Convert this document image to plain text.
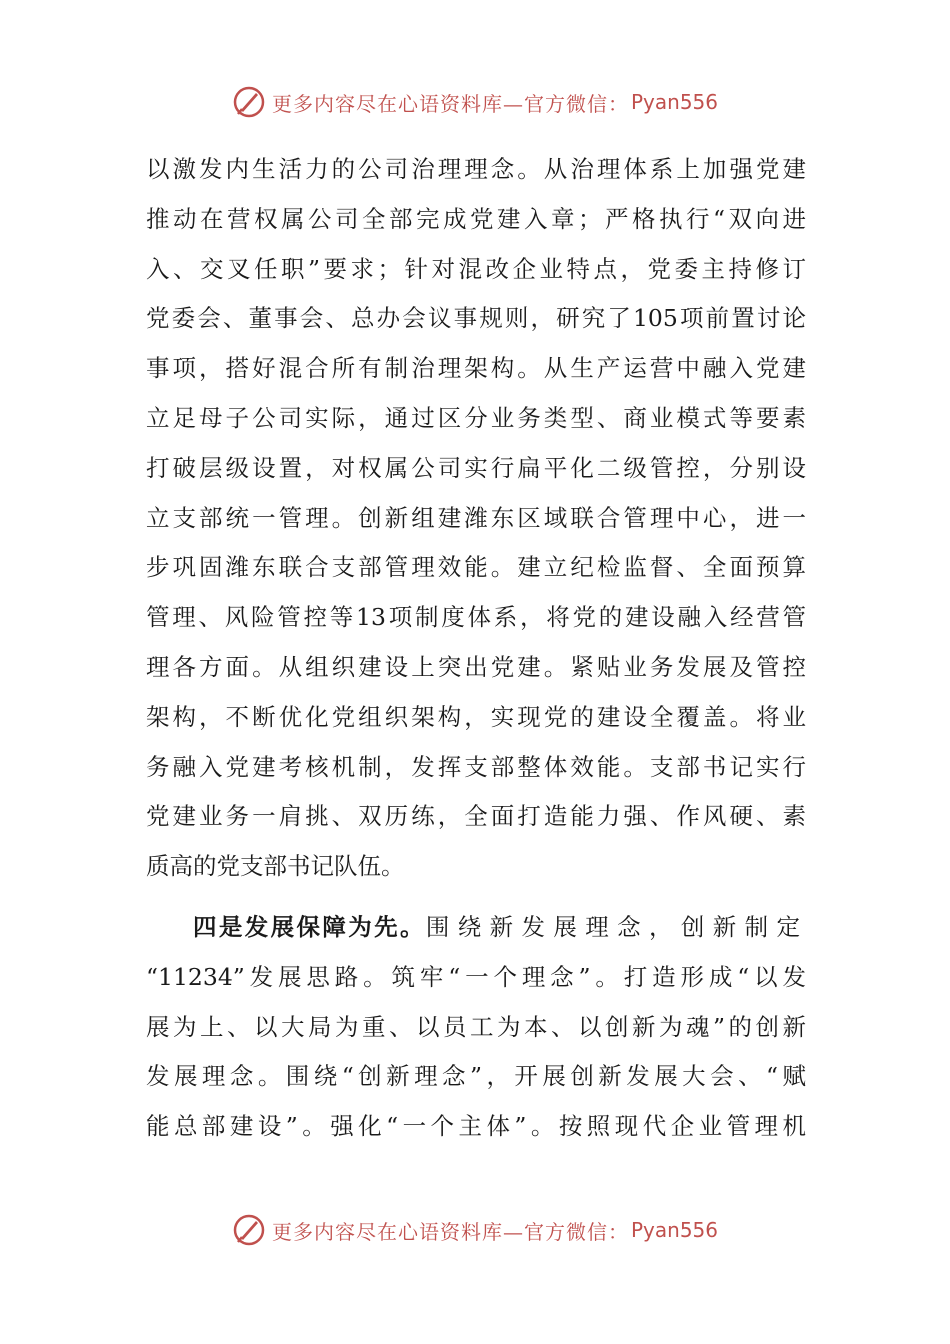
更多内容尽在心语资料库—官方微信： Pyan556
以激发内生活力的公司治理理念。从治理体系上加强党建
推动在营权属公司全部完成党建入章；严格执行“双向进
入、交叉任职”要求；针对混改企业特点，党委主持修订
党委会、董事会、总办会议事规则，研究了105项前置讨论
事项，搭好混合所有制治理架构。从生产运营中融入党建
立足母子公司实际，通过区分业务类型、商业模式等要素
打破层级设置，对权属公司实行扁平化二级管控，分别设
立支部统一管理。创新组建潍东区域联合管理中心，进一
步巩固潍东联合支部管理效能。建立纪检监督、全面预算
管理、风险管控等13项制度体系，将党的建设融入经营管
理各方面。从组织建设上突出党建。紧贴业务发展及管控
架构，不断优化党组织架构，实现党的建设全覆盖。将业
务融入党建考核机制，发挥支部整体效能。支部书记实行
党建业务一肩挑、双历练，全面打造能力强、作风硬、素
质高的党支部书记队伍。
四是发展保障为先。围绕新发展理念，创新制定
“11234”发展思路。筑牢“一个理念”。打造形成“以发
展为上、以大局为重、以员工为本、以创新为魂”的创新
发展理念。围绕“创新理念”，开展创新发展大会、“赋
能总部建设”。强化“一个主体”。按照现代企业管理机
更多内容尽在心语资料库—官方微信： Pyan556
